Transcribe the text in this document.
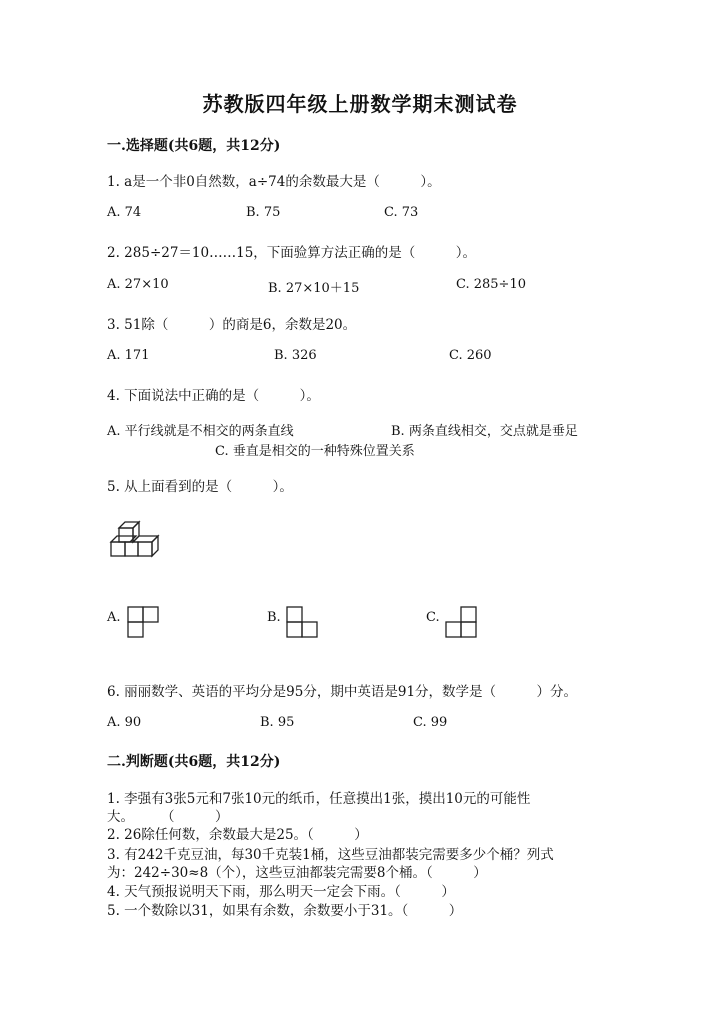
苏教版四年级上册数学期末测试卷
一.选择题(共6题，共12分)
1. a是一个非0自然数，a÷74的余数最大是（　　　）。
A. 74	B. 75	C. 73
2. 285÷27＝10……15，下面验算方法正确的是（　　　）。
A. 27×10	B. 27×10＋15	C. 285÷10
3. 51除（　　　）的商是6，余数是20。
A. 171	B. 326	C. 260
4. 下面说法中正确的是（　　　）。
A. 平行线就是不相交的两条直线	B. 两条直线相交，交点就是垂足
C. 垂直是相交的一种特殊位置关系
5. 从上面看到的是（　　　）。
A.	B.	C.
6. 丽丽数学、英语的平均分是95分，期中英语是91分，数学是（　　　）分。
A. 90	B. 95	C. 99
二.判断题(共6题，共12分)
1. 李强有3张5元和7张10元的纸币，任意摸出1张，摸出10元的可能性
大。　　　（　　　）
2. 26除任何数，余数最大是25。（　　　）
3. 有242千克豆油，每30千克装1桶，这些豆油都装完需要多少个桶？列式
为：242÷30≈8（个），这些豆油都装完需要8个桶。（　　　）
4. 天气预报说明天下雨，那么明天一定会下雨。（　　　）
5. 一个数除以31，如果有余数，余数要小于31。（　　　）
